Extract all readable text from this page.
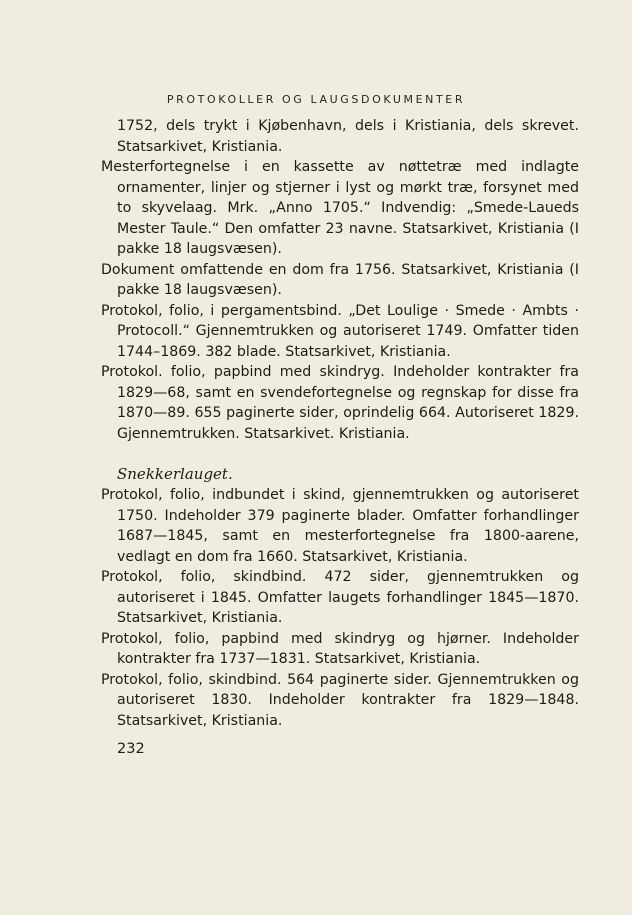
PROTOKOLLER OG LAUGSDOKUMENTER

1752, dels trykt i Kjøbenhavn, dels i Kristiania, dels skrevet. Statsarkivet, Kristiania.

Mesterfortegnelse i en kassette av nøttetræ med indlagte ornamenter, linjer og stjerner i lyst og mørkt træ, forsynet med to skyvelaag. Mrk. „Anno 1705.“ Indvendig: „Smede-Laueds Mester Taule.“ Den omfatter 23 navne. Statsarkivet, Kristiania (I pakke 18 laugsvæsen).

Dokument omfattende en dom fra 1756. Statsarkivet, Kristiania (I pakke 18 laugsvæsen).

Protokol, folio, i pergamentsbind. „Det Loulige · Smede · Ambts · Protocoll.“ Gjennemtrukken og autoriseret 1749. Omfatter tiden 1744–1869. 382 blade. Statsarkivet, Kristiania.

Protokol. folio, papbind med skindryg. Indeholder kontrakter fra 1829—68, samt en svendefortegnelse og regnskap for disse fra 1870—89. 655 paginerte sider, oprindelig 664. Autoriseret 1829. Gjennemtrukken. Statsarkivet. Kristiania.

Snekkerlauget.

Protokol, folio, indbundet i skind, gjennemtrukken og autoriseret 1750. Indeholder 379 paginerte blader. Omfatter forhandlinger 1687—1845, samt en mesterfortegnelse fra 1800-aarene, vedlagt en dom fra 1660. Statsarkivet, Kristiania.

Protokol, folio, skindbind. 472 sider, gjennemtrukken og autoriseret i 1845. Omfatter laugets forhandlinger 1845—1870. Statsarkivet, Kristiania.

Protokol, folio, papbind med skindryg og hjørner. Indeholder kontrakter fra 1737—1831. Statsarkivet, Kristiania.

Protokol, folio, skindbind. 564 paginerte sider. Gjennemtrukken og autoriseret 1830. Indeholder kontrakter fra 1829—1848. Statsarkivet, Kristiania.

232
